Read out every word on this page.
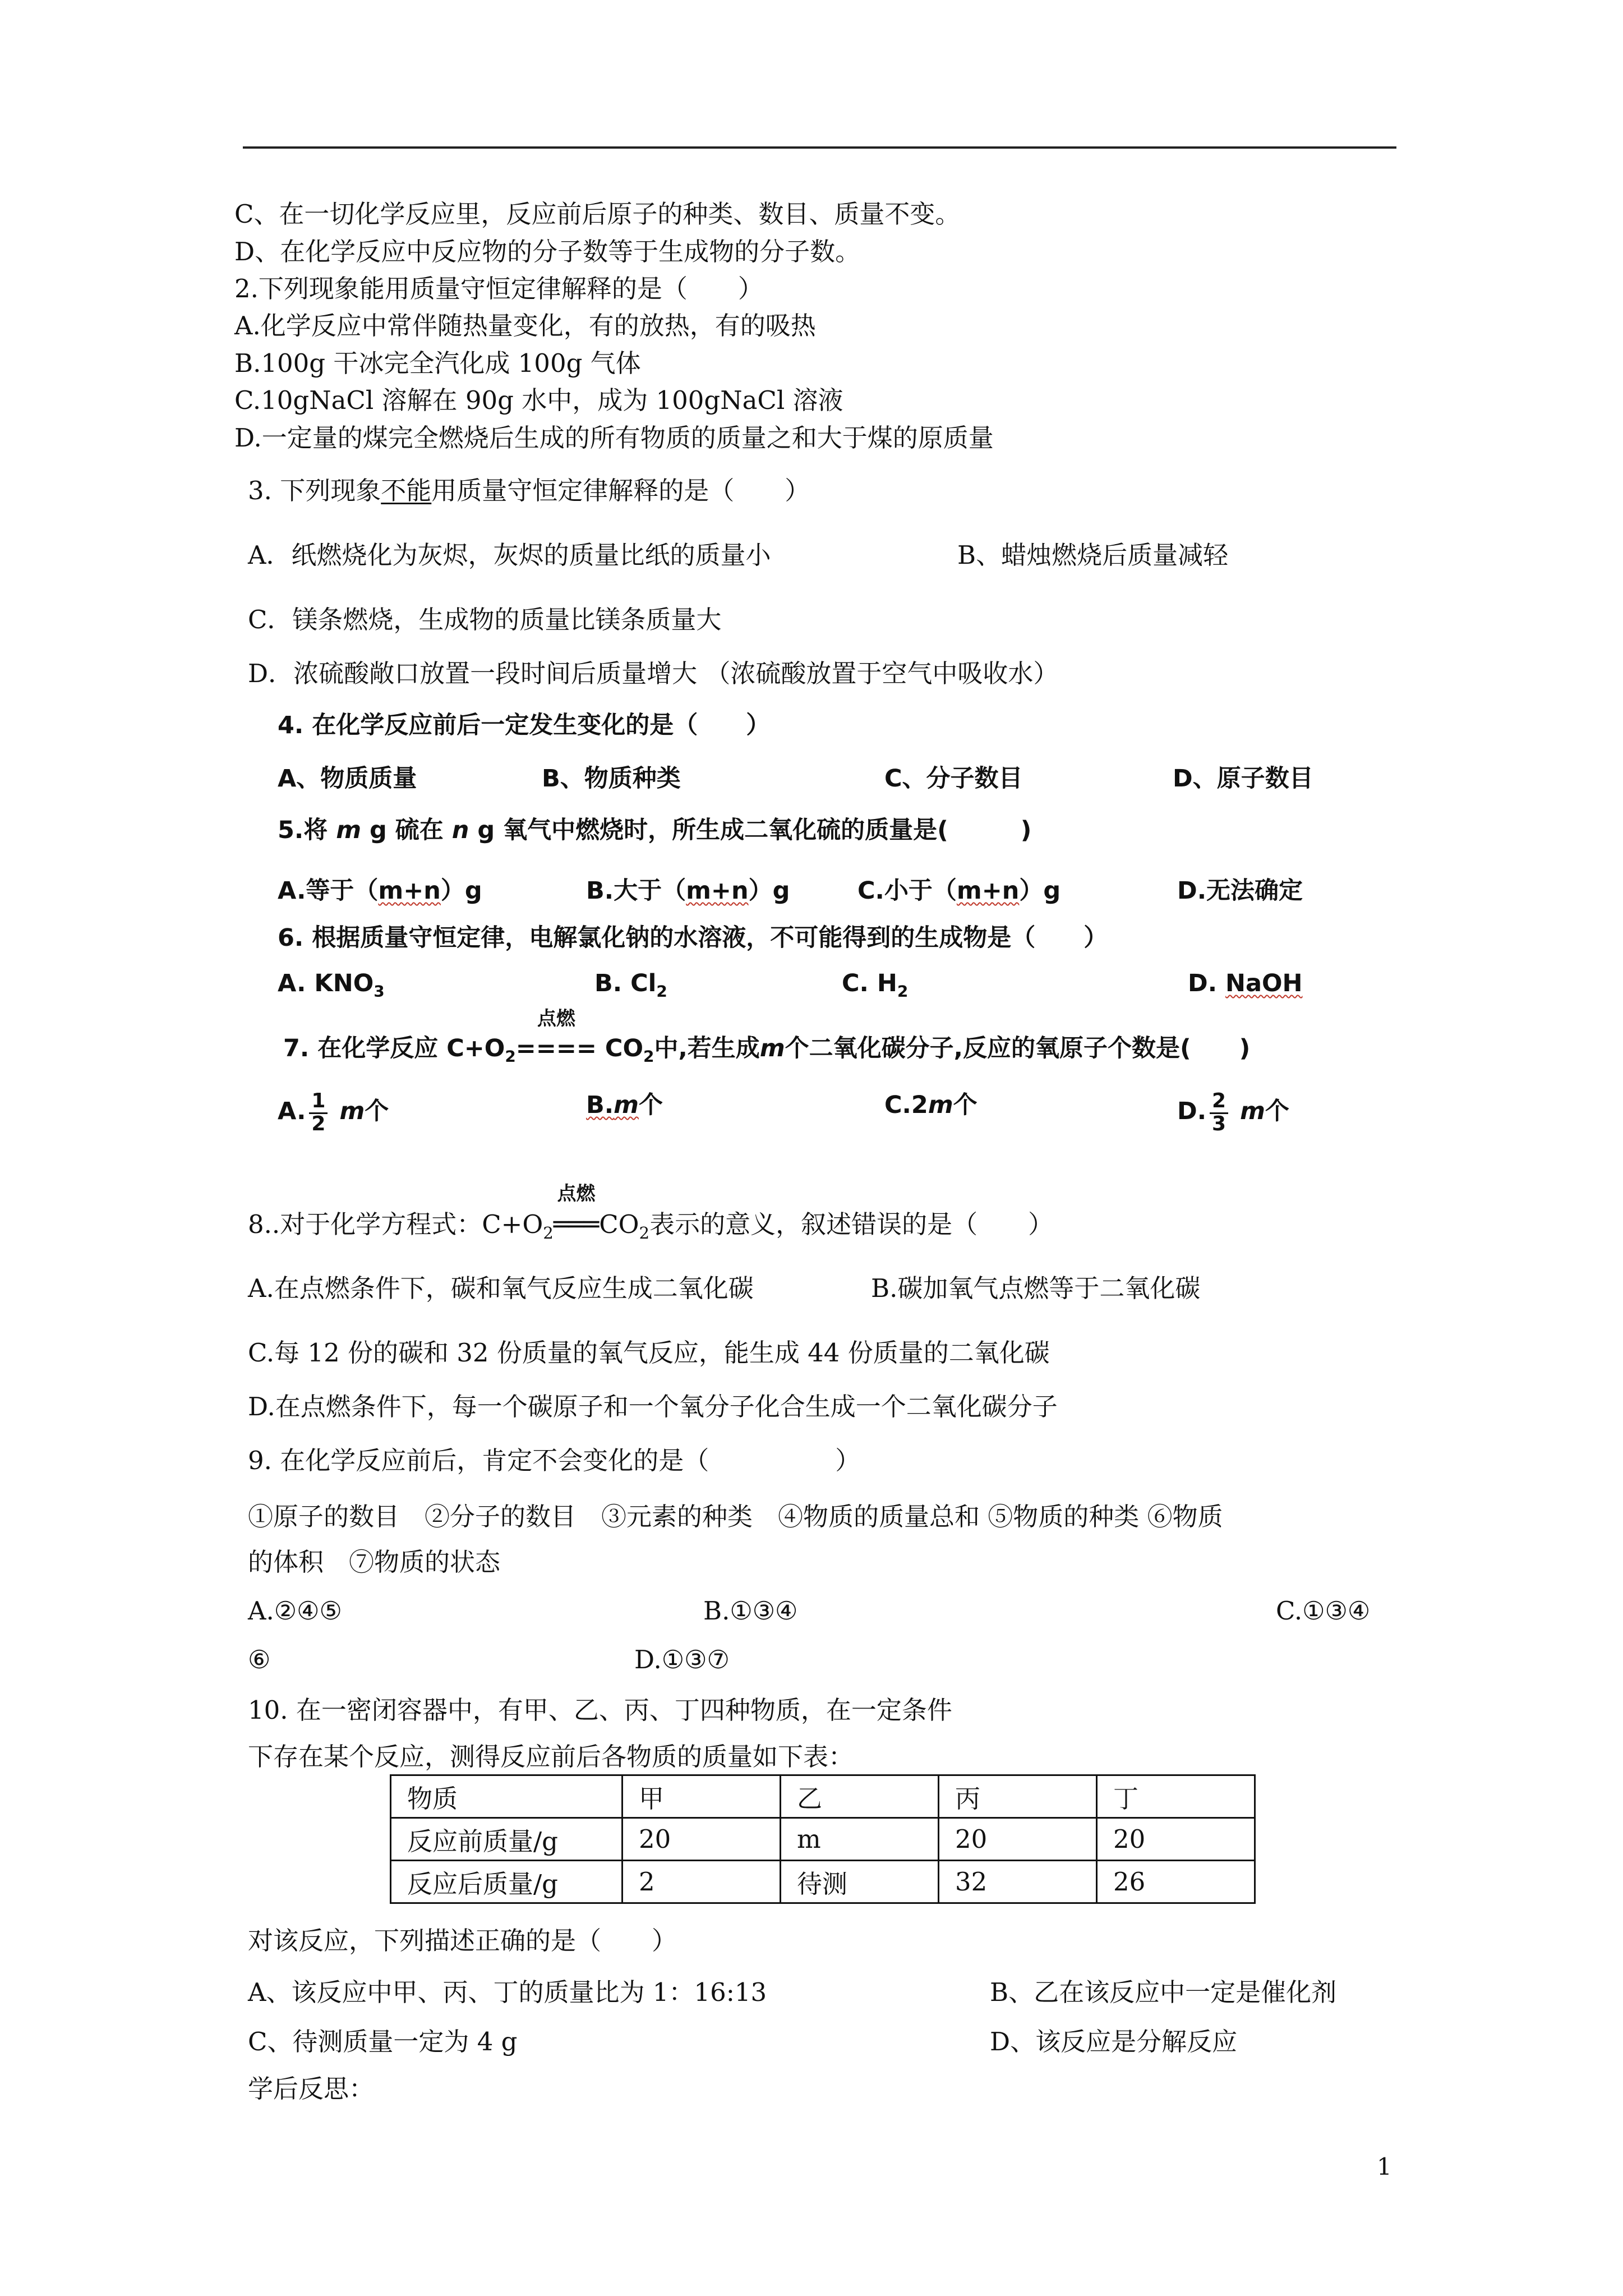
C、在一切化学反应里，反应前后原子的种类、数目、质量不变。
D、在化学反应中反应物的分子数等于生成物的分子数。
2.下列现象能用质量守恒定律解释的是（　　）
A.化学反应中常伴随热量变化，有的放热，有的吸热
B.100g 干冰完全汽化成 100g 气体
C.10gNaCl 溶解在 90g 水中，成为 100gNaCl 溶液
D.一定量的煤完全燃烧后生成的所有物质的质量之和大于煤的原质量
3. 下列现象不能用质量守恒定律解释的是（　　）
A．纸燃烧化为灰烬，灰烬的质量比纸的质量小	B、蜡烛燃烧后质量减轻
C．镁条燃烧，生成物的质量比镁条质量大
D．浓硫酸敞口放置一段时间后质量增大 （浓硫酸放置于空气中吸收水）
4. 在化学反应前后一定发生变化的是（　　）
A、物质质量	B、物质种类	C、分子数目	D、原子数目
5.将 m g 硫在 n g 氧气中燃烧时，所生成二氧化硫的质量是(　　　)
A.等于（m+n）g	B.大于（m+n）g	C.小于（m+n）g	D.无法确定
6. 根据质量守恒定律，电解氯化钠的水溶液，不可能得到的生成物是（　　）
A. $KNO_3$	B. $Cl_2$	C. $H_2$	D. NaOH
7. 在化学反应 $C+O_2$
点燃
==== $CO_2$中,若生成m个二氧化碳分子,反应的氧原子个数是(　　)
A. $\frac{1}{2}$ m个	B.m个	C.2m个	D. $\frac{2}{3}$ m个
8..对于化学方程式：$C+O_2$
点燃
$═══CO_2$表示的意义，叙述错误的是（　　）
A.在点燃条件下，碳和氧气反应生成二氧化碳	B.碳加氧气点燃等于二氧化碳
C.每 12 份的碳和 32 份质量的氧气反应，能生成 44 份质量的二氧化碳
D.在点燃条件下，每一个碳原子和一个氧分子化合生成一个二氧化碳分子
9. 在化学反应前后，肯定不会变化的是（　　　　　）
①原子的数目　②分子的数目　③元素的种类　④物质的质量总和 ⑤物质的种类 ⑥物质
的体积　⑦物质的状态
A.②④⑤	B.①③④	C.①③④
⑥	D.①③⑦
10. 在一密闭容器中，有甲、乙、丙、丁四种物质，在一定条件
下存在某个反应，测得反应前后各物质的质量如下表：
物质	甲	乙	丙	丁
反应前质量/g	20	m	20	20
反应后质量/g	2	待测	32	26
对该反应，下列描述正确的是（　　）
A、该反应中甲、丙、丁的质量比为 1：16:13	B、乙在该反应中一定是催化剂
C、待测质量一定为 4 g	D、该反应是分解反应
学后反思：
1
